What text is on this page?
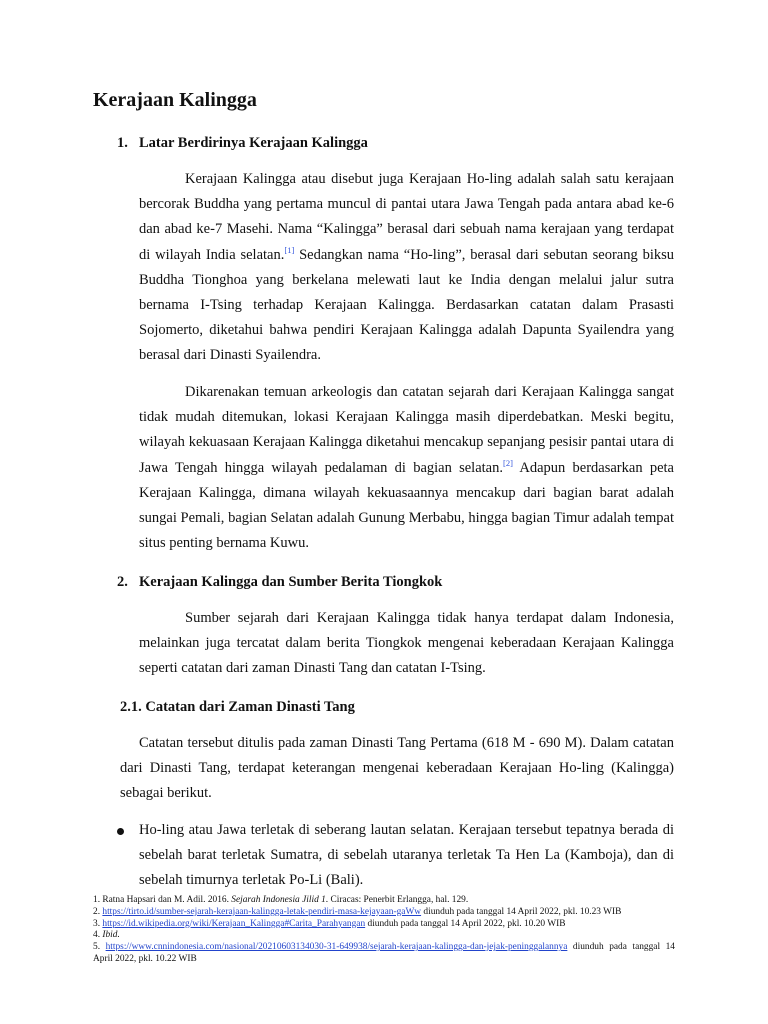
Kerajaan Kalingga
1. Latar Berdirinya Kerajaan Kalingga

Kerajaan Kalingga atau disebut juga Kerajaan Ho-ling adalah salah satu kerajaan bercorak Buddha yang pertama muncul di pantai utara Jawa Tengah pada antara abad ke-6 dan abad ke-7 Masehi. Nama “Kalingga” berasal dari sebuah nama kerajaan yang terdapat di wilayah India selatan.[1] Sedangkan nama “Ho-ling”, berasal dari sebutan seorang biksu Buddha Tionghoa yang berkelana melewati laut ke India dengan melalui jalur sutra bernama I-Tsing terhadap Kerajaan Kalingga. Berdasarkan catatan dalam Prasasti Sojomerto, diketahui bahwa pendiri Kerajaan Kalingga adalah Dapunta Syailendra yang berasal dari Dinasti Syailendra.

Dikarenakan temuan arkeologis dan catatan sejarah dari Kerajaan Kalingga sangat tidak mudah ditemukan, lokasi Kerajaan Kalingga masih diperdebatkan. Meski begitu, wilayah kekuasaan Kerajaan Kalingga diketahui mencakup sepanjang pesisir pantai utara di Jawa Tengah hingga wilayah pedalaman di bagian selatan.[2] Adapun berdasarkan peta Kerajaan Kalingga, dimana wilayah kekuasaannya mencakup dari bagian barat adalah sungai Pemali, bagian Selatan adalah Gunung Merbabu, hingga bagian Timur adalah tempat situs penting bernama Kuwu.

2. Kerajaan Kalingga dan Sumber Berita Tiongkok

Sumber sejarah dari Kerajaan Kalingga tidak hanya terdapat dalam Indonesia, melainkan juga tercatat dalam berita Tiongkok mengenai keberadaan Kerajaan Kalingga seperti catatan dari zaman Dinasti Tang dan catatan I-Tsing.

2.1. Catatan dari Zaman Dinasti Tang

Catatan tersebut ditulis pada zaman Dinasti Tang Pertama (618 M - 690 M). Dalam catatan dari Dinasti Tang, terdapat keterangan mengenai keberadaan Kerajaan Ho-ling (Kalingga) sebagai berikut.

Ho-ling atau Jawa terletak di seberang lautan selatan. Kerajaan tersebut tepatnya berada di sebelah barat terletak Sumatra, di sebelah utaranya terletak Ta Hen La (Kamboja), dan di sebelah timurnya terletak Po-Li (Bali).

1. Ratna Hapsari dan M. Adil. 2016. Sejarah Indonesia Jilid 1. Ciracas: Penerbit Erlangga, hal. 129.

2. https://tirto.id/sumber-sejarah-kerajaan-kalingga-letak-pendiri-masa-kejayaan-gaWw diunduh pada tanggal 14 April 2022, pkl. 10.23 WIB

3. https://id.wikipedia.org/wiki/Kerajaan_Kalingga#Carita_Parahyangan diunduh pada tanggal 14 April 2022, pkl. 10.20 WIB

4. Ibid.

5. https://www.cnnindonesia.com/nasional/20210603134030-31-649938/sejarah-kerajaan-kalingga-dan-jejak-peninggalannya diunduh pada tanggal 14 April 2022, pkl. 10.22 WIB
